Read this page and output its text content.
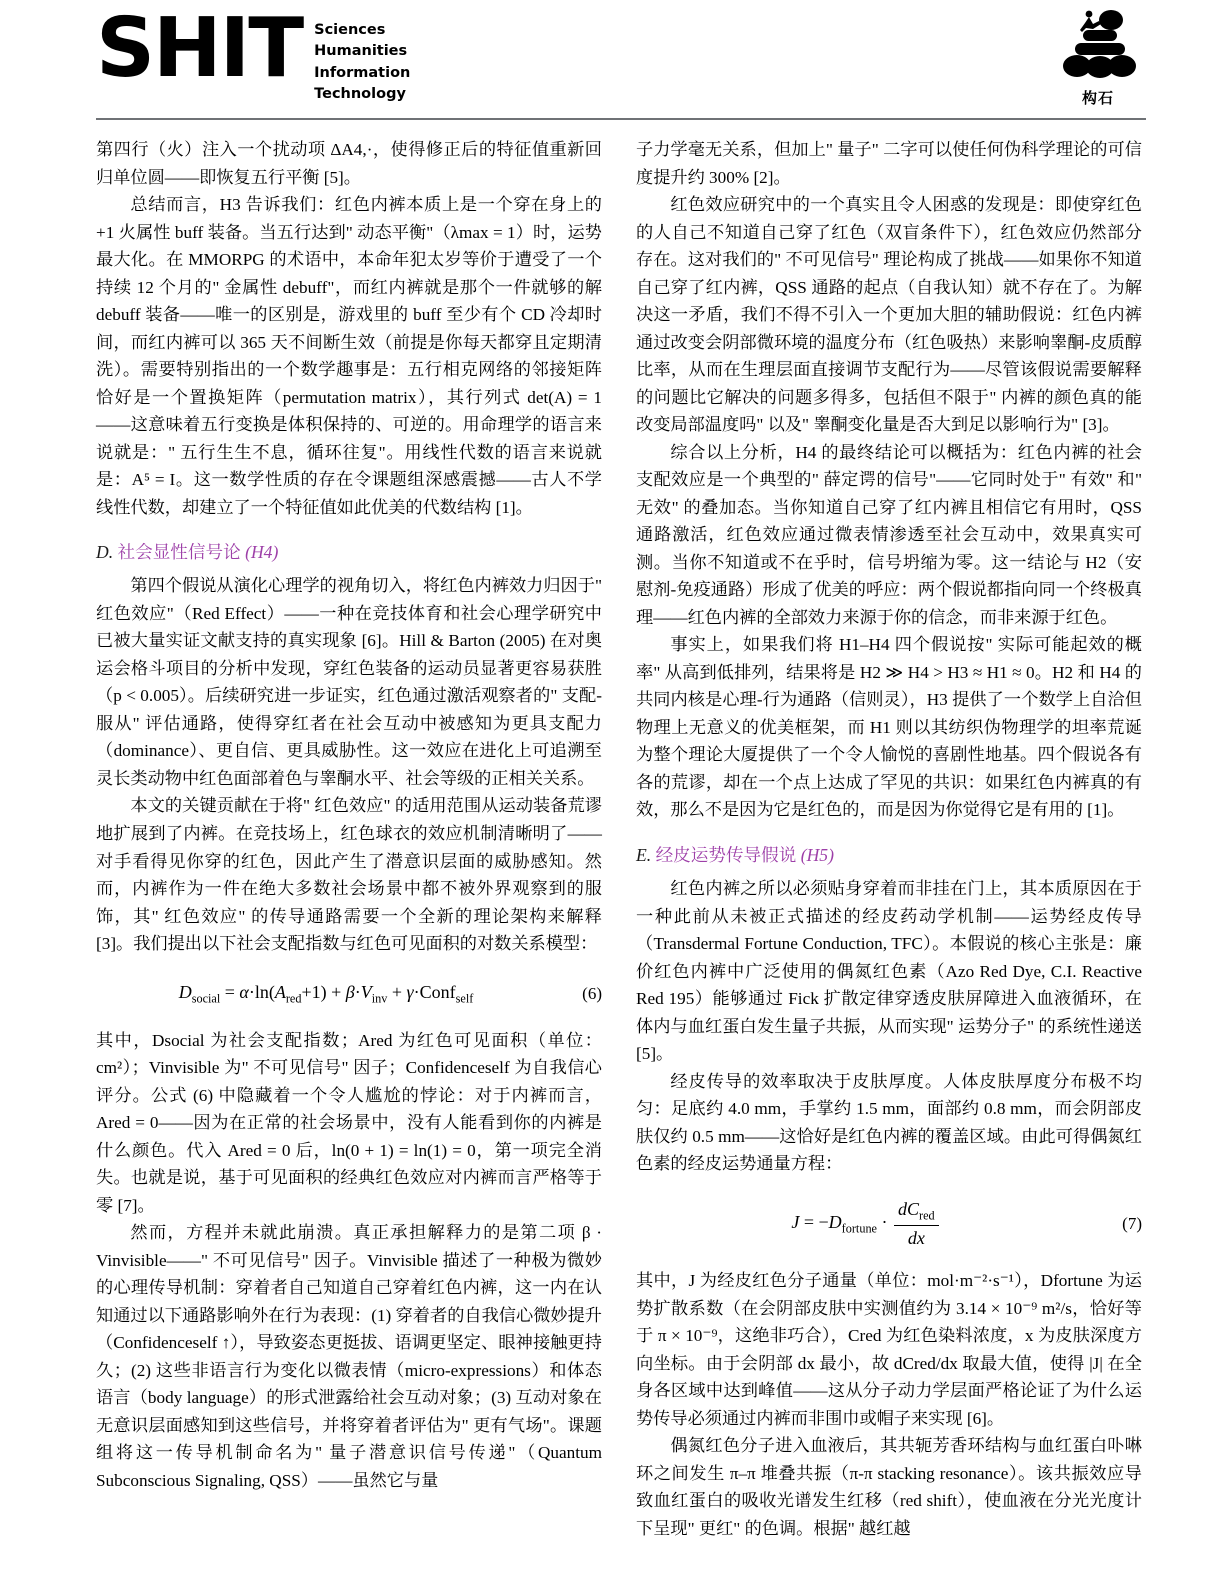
SHIT Sciences
Humanities
Information
Technology	构石

第四行（火）注入一个扰动项 ΔA4,·，使得修正后的特征值重新回归单位圆——即恢复五行平衡 [5]。

总结而言，H3 告诉我们：红色内裤本质上是一个穿在身上的 +1 火属性 buff 装备。当五行达到" 动态平衡"（λmax = 1）时，运势最大化。在 MMORPG 的术语中，本命年犯太岁等价于遭受了一个持续 12 个月的" 金属性 debuff"，而红内裤就是那个一件就够的解 debuff 装备——唯一的区别是，游戏里的 buff 至少有个 CD 冷却时间，而红内裤可以 365 天不间断生效（前提是你每天都穿且定期清洗）。需要特别指出的一个数学趣事是：五行相克网络的邻接矩阵恰好是一个置换矩阵（permutation matrix），其行列式 det(A) = 1——这意味着五行变换是体积保持的、可逆的。用命理学的语言来说就是：" 五行生生不息，循环往复"。用线性代数的语言来说就是：A⁵ = I。这一数学性质的存在令课题组深感震撼——古人不学线性代数，却建立了一个特征值如此优美的代数结构 [1]。

D. 社会显性信号论 (H4)

第四个假说从演化心理学的视角切入，将红色内裤效力归因于" 红色效应"（Red Effect）——一种在竞技体育和社会心理学研究中已被大量实证文献支持的真实现象 [6]。Hill & Barton (2005) 在对奥运会格斗项目的分析中发现，穿红色装备的运动员显著更容易获胜（p < 0.005）。后续研究进一步证实，红色通过激活观察者的" 支配-服从" 评估通路，使得穿红者在社会互动中被感知为更具支配力（dominance）、更自信、更具威胁性。这一效应在进化上可追溯至灵长类动物中红色面部着色与睾酮水平、社会等级的正相关关系。

本文的关键贡献在于将" 红色效应" 的适用范围从运动装备荒谬地扩展到了内裤。在竞技场上，红色球衣的效应机制清晰明了——对手看得见你穿的红色，因此产生了潜意识层面的威胁感知。然而，内裤作为一件在绝大多数社会场景中都不被外界观察到的服饰，其" 红色效应" 的传导通路需要一个全新的理论架构来解释 [3]。我们提出以下社会支配指数与红色可见面积的对数关系模型：

$D_{social} = \alpha\cdot\ln(A_{red}+1) + \beta\cdot V_{inv}$ + γ·Conf$_{self}$	(6)

其中，Dsocial 为社会支配指数；Ared 为红色可见面积（单位：cm²）；Vinvisible 为" 不可见信号" 因子；Confidenceself 为自我信心评分。公式 (6) 中隐藏着一个令人尴尬的悖论：对于内裤而言，Ared = 0——因为在正常的社会场景中，没有人能看到你的内裤是什么颜色。代入 Ared = 0 后，ln(0 + 1) = ln(1) = 0，第一项完全消失。也就是说，基于可见面积的经典红色效应对内裤而言严格等于零 [7]。

然而，方程并未就此崩溃。真正承担解释力的是第二项 β · Vinvisible——" 不可见信号" 因子。Vinvisible 描述了一种极为微妙的心理传导机制：穿着者自己知道自己穿着红色内裤，这一内在认知通过以下通路影响外在行为表现：(1) 穿着者的自我信心微妙提升（Confidenceself ↑），导致姿态更挺拔、语调更坚定、眼神接触更持久；(2) 这些非语言行为变化以微表情（micro-expressions）和体态语言（body language）的形式泄露给社会互动对象；(3) 互动对象在无意识层面感知到这些信号，并将穿着者评估为" 更有气场"。课题组将这一传导机制命名为" 量子潜意识信号传递"（Quantum Subconscious Signaling, QSS）——虽然它与量

子力学毫无关系，但加上" 量子" 二字可以使任何伪科学理论的可信度提升约 300% [2]。

红色效应研究中的一个真实且令人困惑的发现是：即使穿红色的人自己不知道自己穿了红色（双盲条件下），红色效应仍然部分存在。这对我们的" 不可见信号" 理论构成了挑战——如果你不知道自己穿了红内裤，QSS 通路的起点（自我认知）就不存在了。为解决这一矛盾，我们不得不引入一个更加大胆的辅助假说：红色内裤通过改变会阴部微环境的温度分布（红色吸热）来影响睾酮-皮质醇比率，从而在生理层面直接调节支配行为——尽管该假说需要解释的问题比它解决的问题多得多，包括但不限于" 内裤的颜色真的能改变局部温度吗" 以及" 睾酮变化量是否大到足以影响行为" [3]。

综合以上分析，H4 的最终结论可以概括为：红色内裤的社会支配效应是一个典型的" 薛定谔的信号"——它同时处于" 有效" 和" 无效" 的叠加态。当你知道自己穿了红内裤且相信它有用时，QSS 通路激活，红色效应通过微表情渗透至社会互动中，效果真实可测。当你不知道或不在乎时，信号坍缩为零。这一结论与 H2（安慰剂-免疫通路）形成了优美的呼应：两个假说都指向同一个终极真理——红色内裤的全部效力来源于你的信念，而非来源于红色。

事实上，如果我们将 H1–H4 四个假说按" 实际可能起效的概率" 从高到低排列，结果将是 H2 ≫ H4 > H3 ≈ H1 ≈ 0。H2 和 H4 的共同内核是心理-行为通路（信则灵），H3 提供了一个数学上自洽但物理上无意义的优美框架，而 H1 则以其纺织伪物理学的坦率荒诞为整个理论大厦提供了一个令人愉悦的喜剧性地基。四个假说各有各的荒谬，却在一个点上达成了罕见的共识：如果红色内裤真的有效，那么不是因为它是红色的，而是因为你觉得它是有用的 [1]。

E. 经皮运势传导假说 (H5)

红色内裤之所以必须贴身穿着而非挂在门上，其本质原因在于一种此前从未被正式描述的经皮药动学机制——运势经皮传导（Transdermal Fortune Conduction, TFC）。本假说的核心主张是：廉价红色内裤中广泛使用的偶氮红色素（Azo Red Dye, C.I. Reactive Red 195）能够通过 Fick 扩散定律穿透皮肤屏障进入血液循环，在体内与血红蛋白发生量子共振，从而实现" 运势分子" 的系统性递送 [5]。

经皮传导的效率取决于皮肤厚度。人体皮肤厚度分布极不均匀：足底约 4.0 mm，手掌约 1.5 mm，面部约 0.8 mm，而会阴部皮肤仅约 0.5 mm——这恰好是红色内裤的覆盖区域。由此可得偶氮红色素的经皮运势通量方程：

$J = -D_{fortune} \cdot \frac{dC_{red}}{dx}$	(7)

其中，J 为经皮红色分子通量（单位：mol·m⁻²·s⁻¹），Dfortune 为运势扩散系数（在会阴部皮肤中实测值约为 3.14 × 10⁻⁹ m²/s，恰好等于 π × 10⁻⁹，这绝非巧合），Cred 为红色染料浓度，x 为皮肤深度方向坐标。由于会阴部 dx 最小，故 dCred/dx 取最大值，使得 |J| 在全身各区域中达到峰值——这从分子动力学层面严格论证了为什么运势传导必须通过内裤而非围巾或帽子来实现 [6]。

偶氮红色分子进入血液后，其共轭芳香环结构与血红蛋白卟啉环之间发生 π–π 堆叠共振（π-π stacking resonance）。该共振效应导致血红蛋白的吸收光谱发生红移（red shift），使血液在分光光度计下呈现" 更红" 的色调。根据" 越红越
